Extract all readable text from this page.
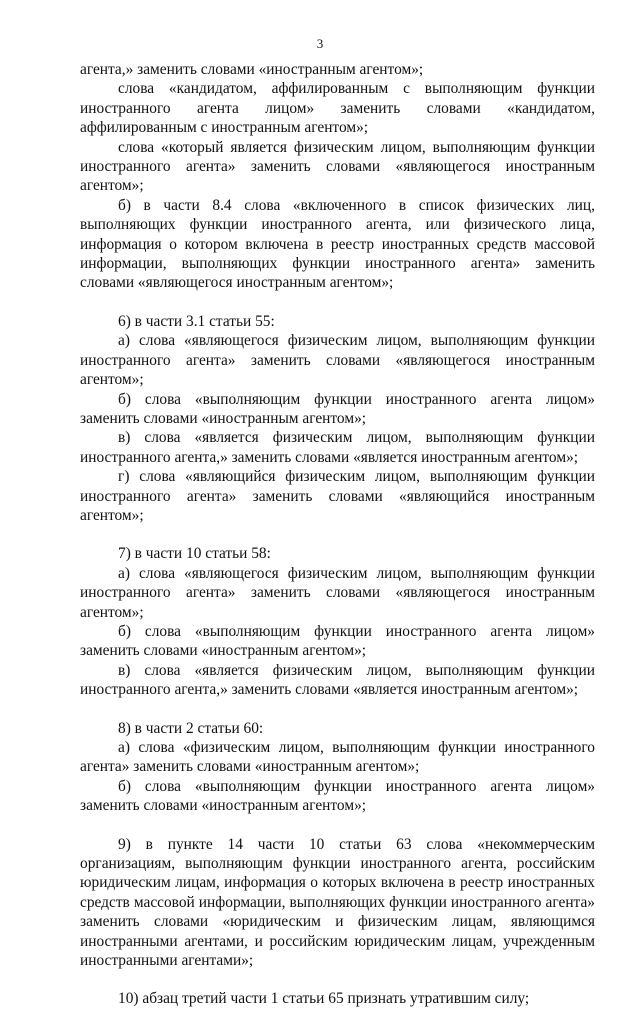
3

агента,» заменить словами «иностранным агентом»;

слова «кандидатом, аффилированным с выполняющим функции иностранного агента лицом» заменить словами «кандидатом, аффилированным с иностранным агентом»;

слова «который является физическим лицом, выполняющим функции иностранного агента» заменить словами «являющегося иностранным агентом»;

б) в части 8.4 слова «включенного в список физических лиц, выполняющих функции иностранного агента, или физического лица, информация о котором включена в реестр иностранных средств массовой информации, выполняющих функции иностранного агента» заменить словами «являющегося иностранным агентом»;

6) в части 3.1 статьи 55:

а) слова «являющегося физическим лицом, выполняющим функции иностранного агента» заменить словами «являющегося иностранным агентом»;

б) слова «выполняющим функции иностранного агента лицом» заменить словами «иностранным агентом»;

в) слова «является физическим лицом, выполняющим функции иностранного агента,» заменить словами «является иностранным агентом»;

г) слова «являющийся физическим лицом, выполняющим функции иностранного агента» заменить словами «являющийся иностранным агентом»;

7) в части 10 статьи 58:

а) слова «являющегося физическим лицом, выполняющим функции иностранного агента» заменить словами «являющегося иностранным агентом»;

б) слова «выполняющим функции иностранного агента лицом» заменить словами «иностранным агентом»;

в) слова «является физическим лицом, выполняющим функции иностранного агента,» заменить словами «является иностранным агентом»;

8) в части 2 статьи 60:

а) слова «физическим лицом, выполняющим функции иностранного агента» заменить словами «иностранным агентом»;

б) слова «выполняющим функции иностранного агента лицом» заменить словами «иностранным агентом»;

9) в пункте 14 части 10 статьи 63 слова «некоммерческим организациям, выполняющим функции иностранного агента, российским юридическим лицам, информация о которых включена в реестр иностранных средств массовой информации, выполняющих функции иностранного агента» заменить словами «юридическим и физическим лицам, являющимся иностранными агентами, и российским юридическим лицам, учрежденным иностранными агентами»;

10) абзац третий части 1 статьи 65 признать утратившим силу;
